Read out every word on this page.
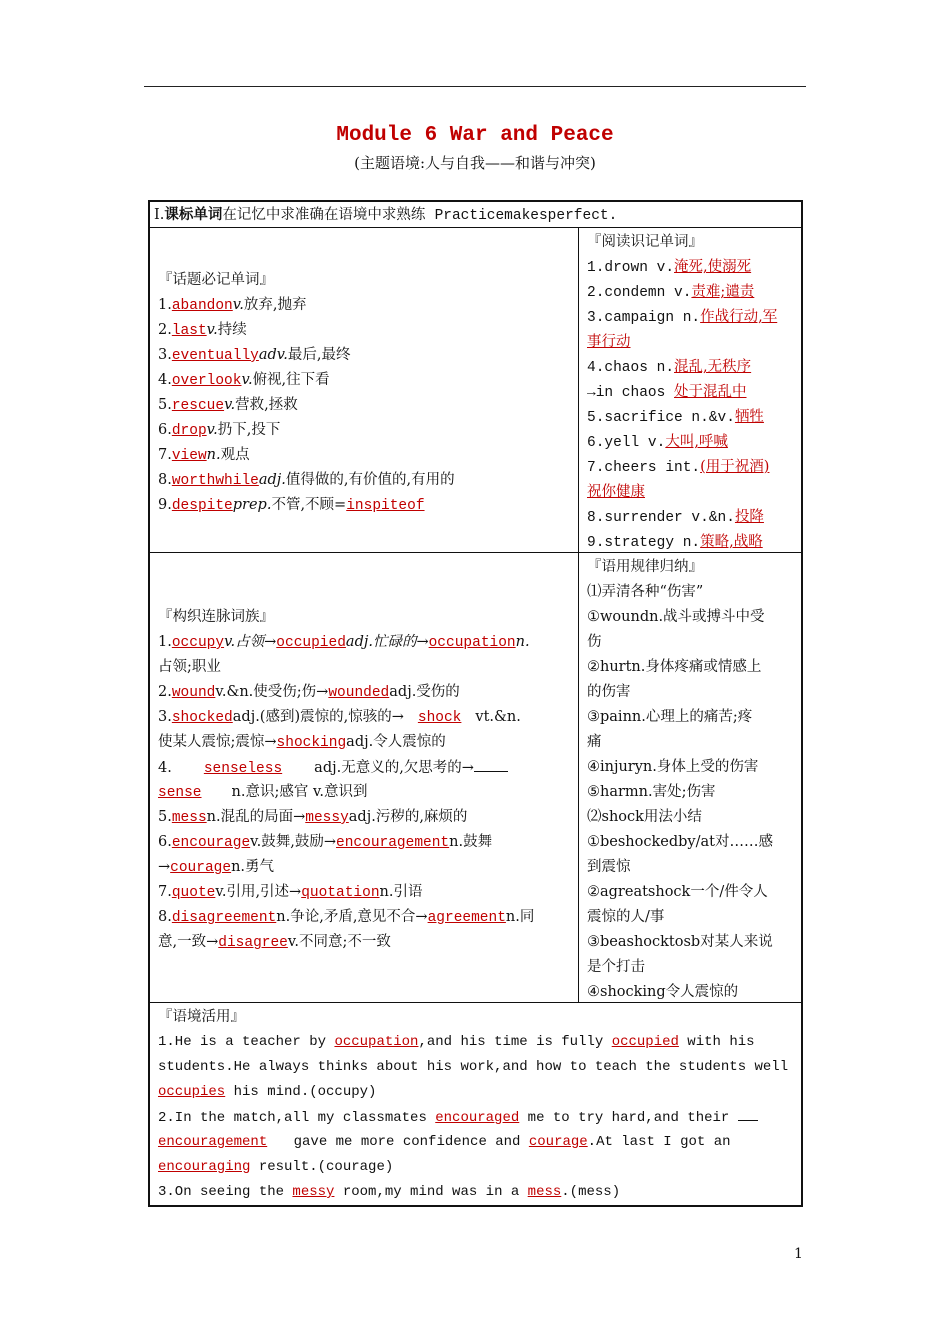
Module 6 War and Peace
(主题语境:人与自我——和谐与冲突)
Ⅰ.课标单词在记忆中求准确在语境中求熟练 Practicemakesperfect.
『话题必记单词』
1.abandonv.放弃,抛弃
2.lastv.持续
3.eventuallyadv.最后,最终
4.overlookv.俯视,往下看
5.rescuev.营救,拯救
6.dropv.扔下,投下
7.viewn.观点
8.worthwhileadj.值得做的,有价值的,有用的
9.despiteprep.不管,不顾=inspiteof
『阅读识记单词』
1.drown v.淹死,使溺死
2.condemn v.责难;谴责
3.campaign n.作战行动,军
事行动
4.chaos n.混乱,无秩序
→in chaos 处于混乱中
5.sacrifice n.&v.牺牲
6.yell v.大叫,呼喊
7.cheers int.(用于祝酒)
祝你健康
8.surrender v.&n.投降
9.strategy n.策略,战略
『构织连脉词族』
1.occupyv.占领→occupiedadj.忙碌的→occupationn.
占领;职业
2.woundv.&n.使受伤;伤→woundedadj.受伤的
3.shockedadj.(感到)震惊的,惊骇的→ shock vt.&n.
使某人震惊;震惊→shockingadj.令人震惊的
4. senseless adj.无意义的,欠思考的→
sense n.意识;感官 v.意识到
5.messn.混乱的局面→messyadj.污秽的,麻烦的
6.encouragev.鼓舞,鼓励→encouragementn.鼓舞
→couragen.勇气
7.quotev.引用,引述→quotationn.引语
8.disagreementn.争论,矛盾,意见不合→agreementn.同
意,一致→disagreev.不同意;不一致
『语用规律归纳』
⑴弄清各种“伤害”
①woundn.战斗或搏斗中受
伤
②hurtn.身体疼痛或情感上
的伤害
③painn.心理上的痛苦;疼
痛
④injuryn.身体上受的伤害
⑤harmn.害处;伤害
⑵shock用法小结
①beshockedby/at对……感
到震惊
②agreatshock一个/件令人
震惊的人/事
③beashocktosb对某人来说
是个打击
④shocking令人震惊的
『语境活用』
1.He is a teacher by occupation,and his time is fully occupied with his
students.He always thinks about his work,and how to teach the students well
occupies his mind.(occupy)
2.In the match,all my classmates encouraged me to try hard,and their
encouragement gave me more confidence and courage.At last I got an
encouraging result.(courage)
3.On seeing the messy room,my mind was in a mess.(mess)
1
